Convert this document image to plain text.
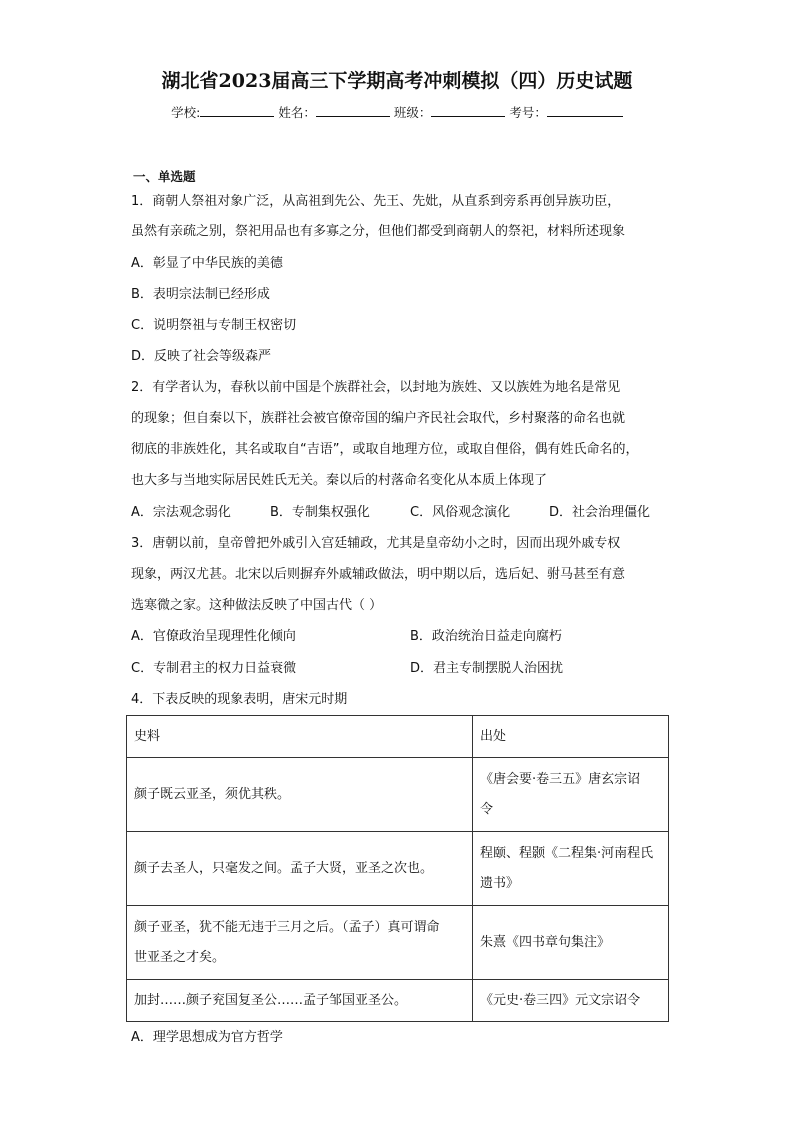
湖北省2023届高三下学期高考冲刺模拟（四）历史试题
学校:	姓名：	班级：	考号：
一、单选题
1．商朝人祭祖对象广泛，从高祖到先公、先王、先妣，从直系到旁系再创异族功臣，
虽然有亲疏之别，祭祀用品也有多寡之分，但他们都受到商朝人的祭祀，材料所述现象
A．彰显了中华民族的美德
B．表明宗法制已经形成
C．说明祭祖与专制王权密切
D．反映了社会等级森严
2．有学者认为，春秋以前中国是个族群社会，以封地为族姓、又以族姓为地名是常见
的现象；但自秦以下，族群社会被官僚帝国的编户齐民社会取代，乡村聚落的命名也就
彻底的非族姓化，其名或取自“吉语”，或取自地理方位，或取自俚俗，偶有姓氏命名的，
也大多与当地实际居民姓氏无关。秦以后的村落命名变化从本质上体现了
A．宗法观念弱化	B．专制集权强化	C．风俗观念演化	D．社会治理僵化
3．唐朝以前，皇帝曾把外戚引入宫廷辅政，尤其是皇帝幼小之时，因而出现外戚专权
现象，两汉尤甚。北宋以后则摒弃外戚辅政做法，明中期以后，选后妃、驸马甚至有意
选寒微之家。这种做法反映了中国古代（ ）
A．官僚政治呈现理性化倾向	B．政治统治日益走向腐朽
C．专制君主的权力日益衰微	D．君主专制摆脱人治困扰
4．下表反映的现象表明，唐宋元时期
史料	出处

颜子既云亚圣，须优其秩。	《唐会要·卷三五》唐玄宗诏
令

颜子去圣人，只毫发之间。孟子大贤，亚圣之次也。	程颐、程颢《二程集·河南程氏
遗书》

颜子亚圣，犹不能无违于三月之后。（孟子）真可谓命
世亚圣之才矣。	朱熹《四书章句集注》

加封……颜子兖国复圣公……孟子邹国亚圣公。	《元史·卷三四》元文宗诏令
A．理学思想成为官方哲学
